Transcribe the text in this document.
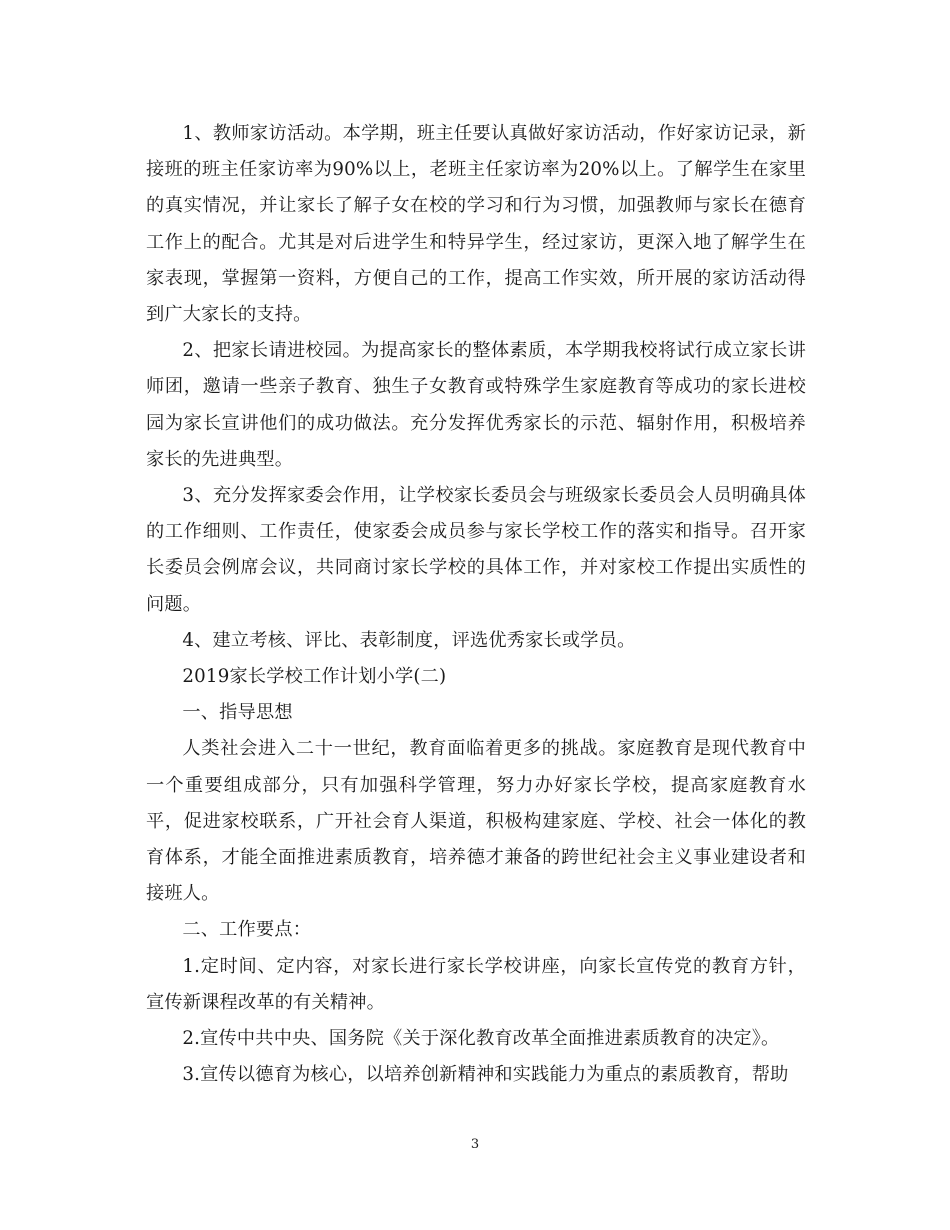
1、教师家访活动。本学期，班主任要认真做好家访活动，作好家访记录，新接班的班主任家访率为90%以上，老班主任家访率为20%以上。了解学生在家里的真实情况，并让家长了解子女在校的学习和行为习惯，加强教师与家长在德育工作上的配合。尤其是对后进学生和特异学生，经过家访，更深入地了解学生在家表现，掌握第一资料，方便自己的工作，提高工作实效，所开展的家访活动得到广大家长的支持。

2、把家长请进校园。为提高家长的整体素质，本学期我校将试行成立家长讲师团，邀请一些亲子教育、独生子女教育或特殊学生家庭教育等成功的家长进校园为家长宣讲他们的成功做法。充分发挥优秀家长的示范、辐射作用，积极培养家长的先进典型。

3、充分发挥家委会作用，让学校家长委员会与班级家长委员会人员明确具体的工作细则、工作责任，使家委会成员参与家长学校工作的落实和指导。召开家长委员会例席会议，共同商讨家长学校的具体工作，并对家校工作提出实质性的问题。

4、建立考核、评比、表彰制度，评选优秀家长或学员。

2019家长学校工作计划小学(二)

一、指导思想

人类社会进入二十一世纪，教育面临着更多的挑战。家庭教育是现代教育中一个重要组成部分，只有加强科学管理，努力办好家长学校，提高家庭教育水平，促进家校联系，广开社会育人渠道，积极构建家庭、学校、社会一体化的教育体系，才能全面推进素质教育，培养德才兼备的跨世纪社会主义事业建设者和接班人。

二、工作要点：

1.定时间、定内容，对家长进行家长学校讲座，向家长宣传党的教育方针，宣传新课程改革的有关精神。

2.宣传中共中央、国务院《关于深化教育改革全面推进素质教育的决定》。

3.宣传以德育为核心，以培养创新精神和实践能力为重点的素质教育，帮助

3
